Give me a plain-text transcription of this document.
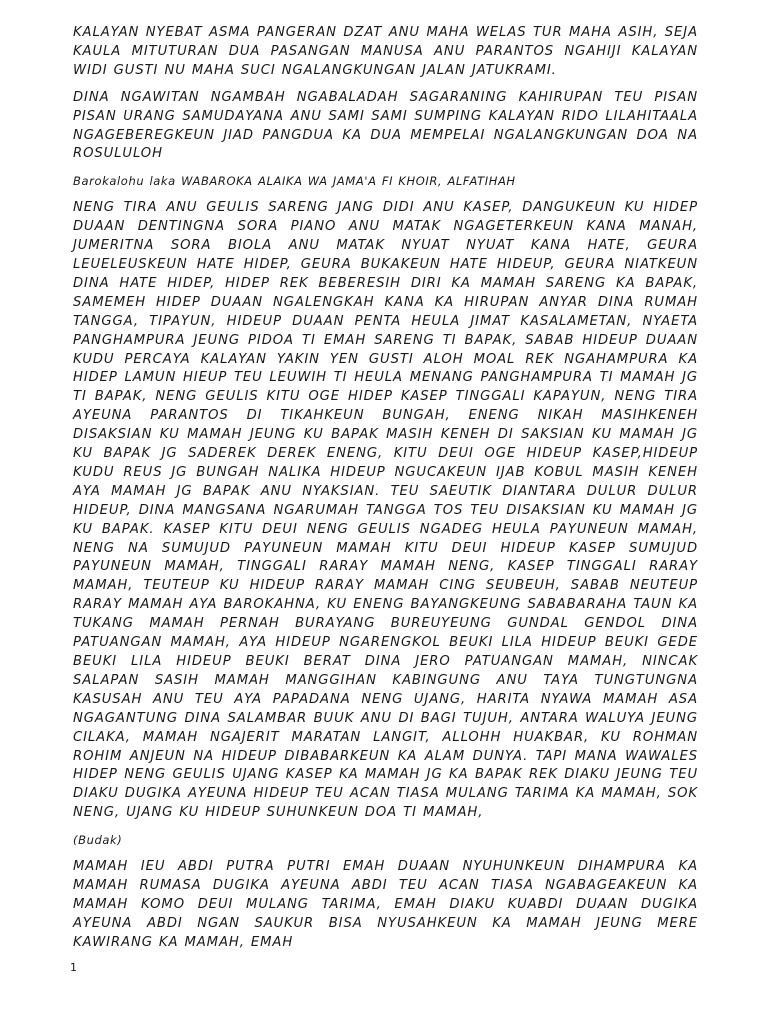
KALAYAN NYEBAT ASMA PANGERAN DZAT ANU MAHA WELAS TUR MAHA ASIH, SEJA KAULA MITUTURAN DUA PASANGAN MANUSA ANU PARANTOS NGAHIJI KALAYAN WIDI GUSTI NU MAHA SUCI NGALANGKUNGAN JALAN JATUKRAMI.

DINA NGAWITAN NGAMBAH NGABALADAH SAGARANING KAHIRUPAN TEU PISAN PISAN URANG SAMUDAYANA ANU SAMI SAMI SUMPING KALAYAN RIDO LILAHITAALA NGAGEBEREGKEUN JIAD PANGDUA KA DUA MEMPELAI NGALANGKUNGAN DOA NA ROSULULOH

Barokalohu laka WABAROKA ALAIKA WA JAMA'A FI KHOIR, ALFATIHAH

NENG TIRA ANU GEULIS SARENG JANG DIDI ANU KASEP, DANGUKEUN KU HIDEP DUAAN DENTINGNA SORA PIANO ANU MATAK NGAGETERKEUN KANA MANAH, JUMERITNA SORA BIOLA ANU MATAK NYUAT NYUAT KANA HATE, GEURA LEUELEUSKEUN HATE HIDEP, GEURA BUKAKEUN HATE HIDEUP, GEURA NIATKEUN DINA HATE HIDEP, HIDEP REK BEBERESIH DIRI KA MAMAH SARENG KA BAPAK, SAMEMEH HIDEP DUAAN NGALENGKAH KANA KA HIRUPAN ANYAR DINA RUMAH TANGGA, TIPAYUN, HIDEUP DUAAN PENTA HEULA JIMAT KASALAMETAN, NYAETA PANGHAMPURA JEUNG PIDOA TI EMAH SARENG TI BAPAK, SABAB HIDEUP DUAAN KUDU PERCAYA KALAYAN YAKIN YEN GUSTI ALOH MOAL REK NGAHAMPURA KA HIDEP LAMUN HIEUP TEU LEUWIH TI HEULA MENANG PANGHAMPURA TI MAMAH JG TI BAPAK, NENG GEULIS KITU OGE HIDEP KASEP TINGGALI KAPAYUN, NENG TIRA AYEUNA PARANTOS DI TIKAHKEUN BUNGAH, ENENG NIKAH MASIHKENEH DISAKSIAN KU MAMAH JEUNG KU BAPAK MASIH KENEH DI SAKSIAN KU MAMAH JG KU BAPAK JG SADEREK DEREK ENENG, KITU DEUI OGE HIDEUP KASEP,HIDEUP KUDU REUS JG BUNGAH NALIKA HIDEUP NGUCAKEUN IJAB KOBUL MASIH KENEH AYA MAMAH JG BAPAK ANU NYAKSIAN. TEU SAEUTIK DIANTARA DULUR DULUR HIDEUP, DINA MANGSANA NGARUMAH TANGGA TOS TEU DISAKSIAN KU MAMAH JG KU BAPAK. KASEP KITU DEUI NENG GEULIS NGADEG HEULA PAYUNEUN MAMAH, NENG NA SUMUJUD PAYUNEUN MAMAH KITU DEUI HIDEUP KASEP SUMUJUD PAYUNEUN MAMAH, TINGGALI RARAY MAMAH NENG, KASEP TINGGALI RARAY MAMAH, TEUTEUP KU HIDEUP RARAY MAMAH CING SEUBEUH, SABAB NEUTEUP RARAY MAMAH AYA BAROKAHNA, KU ENENG BAYANGKEUNG SABABARAHA TAUN KA TUKANG MAMAH PERNAH BURAYANG BUREUYEUNG GUNDAL GENDOL DINA PATUANGAN MAMAH, AYA HIDEUP NGARENGKOL BEUKI LILA HIDEUP BEUKI GEDE BEUKI LILA HIDEUP BEUKI BERAT DINA JERO PATUANGAN MAMAH, NINCAK SALAPAN SASIH MAMAH MANGGIHAN KABINGUNG ANU TAYA TUNGTUNGNA KASUSAH ANU TEU AYA PAPADANA NENG UJANG, HARITA NYAWA MAMAH ASA NGAGANTUNG DINA SALAMBAR BUUK ANU DI BAGI TUJUH, ANTARA WALUYA JEUNG CILAKA, MAMAH NGAJERIT MARATAN LANGIT, ALLOHH HUAKBAR, KU ROHMAN ROHIM ANJEUN NA HIDEUP DIBABARKEUN KA ALAM DUNYA. TAPI MANA WAWALES HIDEP NENG GEULIS UJANG KASEP KA MAMAH JG KA BAPAK REK DIAKU JEUNG TEU DIAKU DUGIKA AYEUNA HIDEUP TEU ACAN TIASA MULANG TARIMA KA MAMAH, SOK NENG, UJANG KU HIDEUP SUHUNKEUN DOA TI MAMAH,

(Budak)

MAMAH IEU ABDI PUTRA PUTRI EMAH DUAAN NYUHUNKEUN DIHAMPURA KA MAMAH RUMASA DUGIKA AYEUNA ABDI TEU ACAN TIASA NGABAGEAKEUN KA MAMAH KOMO DEUI MULANG TARIMA, EMAH DIAKU KUABDI DUAAN DUGIKA AYEUNA ABDI NGAN SAUKUR BISA NYUSAHKEUN KA MAMAH JEUNG MERE KAWIRANG KA MAMAH, EMAH

1
